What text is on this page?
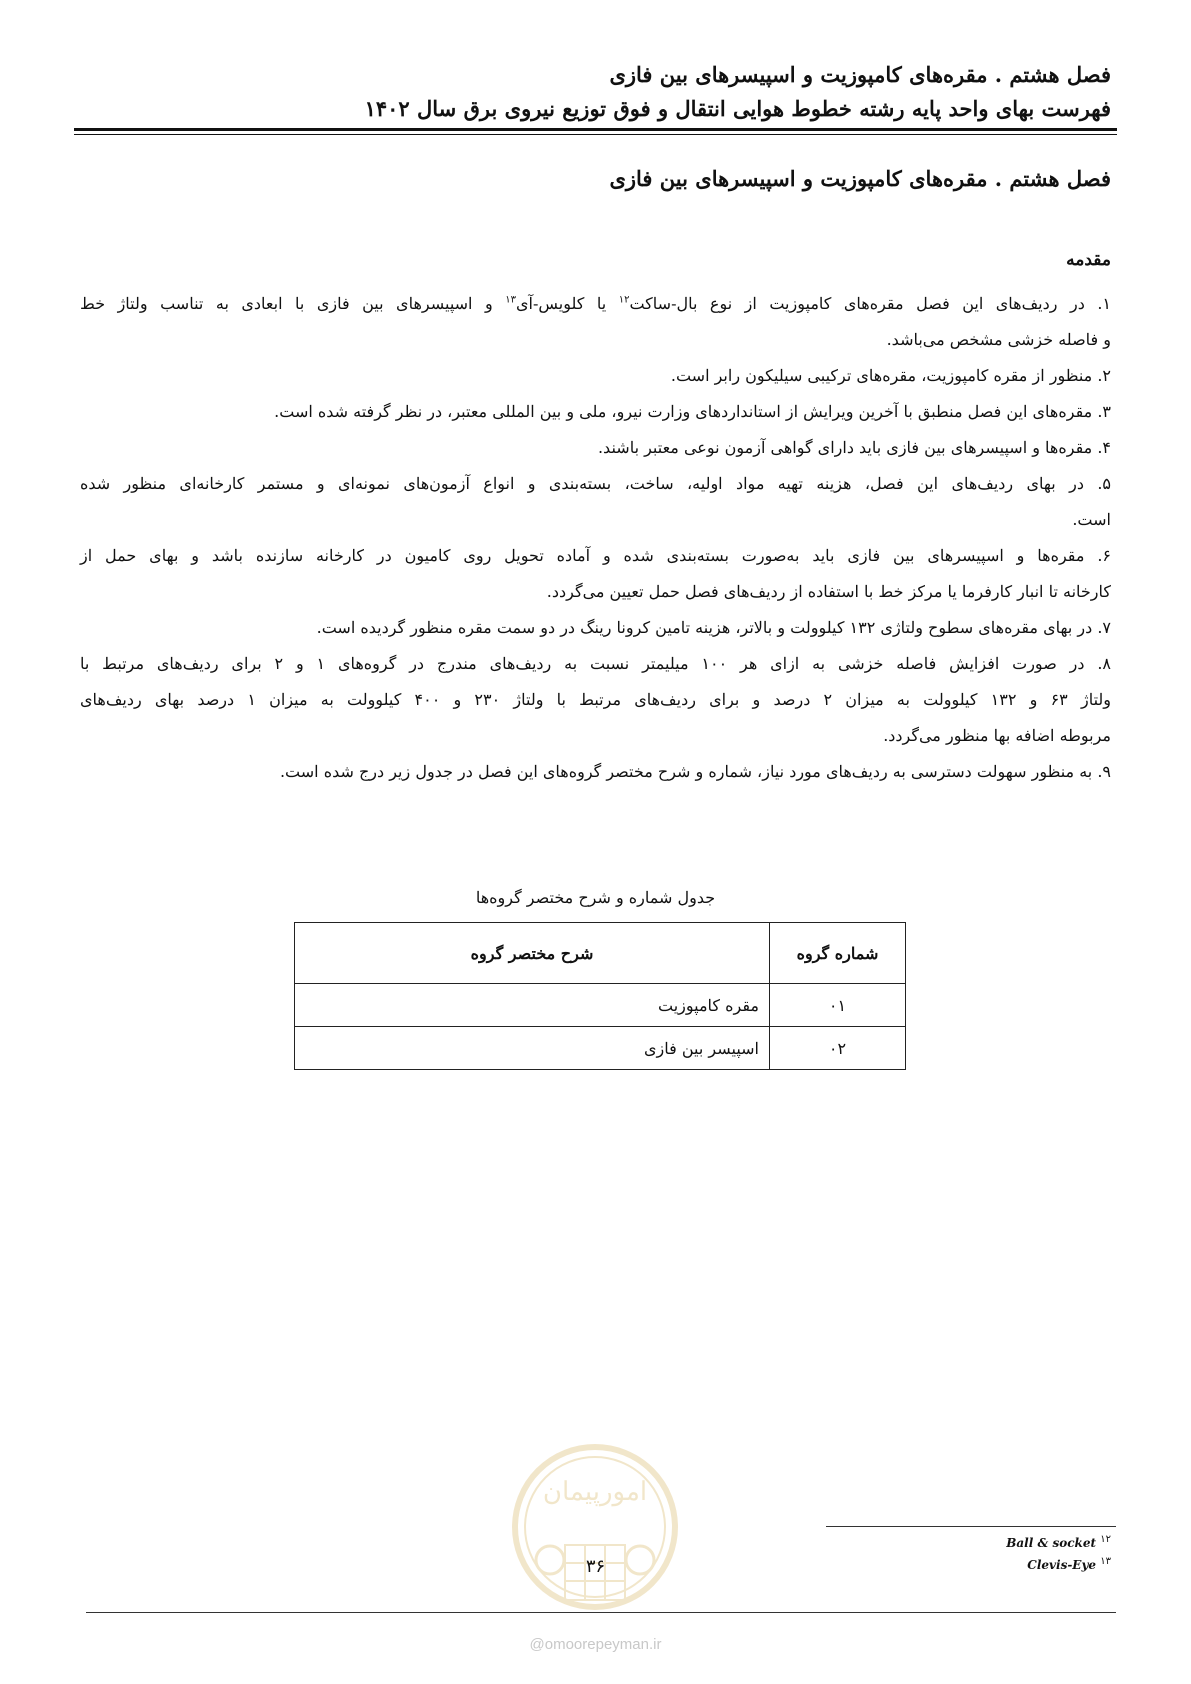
فصل هشتم . مقره‌های کامپوزیت و اسپیسرهای بین فازی
فهرست بهای واحد پایه رشته خطوط هوایی انتقال و فوق توزیع نیروی برق سال ۱۴۰۲
فصل هشتم . مقره‌های کامپوزیت و اسپیسرهای بین فازی
مقدمه
۱. در ردیف‌های این فصل مقره‌های کامپوزیت از نوع بال-ساکت$^{۱۲}$ یا کلویس-آی$^{۱۳}$ و اسپیسرهای بین فازی با ابعادی به تناسب ولتاژ خط
و فاصله خزشی مشخص می‌باشد.
۲. منظور از مقره کامپوزیت، مقره‌های ترکیبی سیلیکون رابر است.
۳. مقره‌های این فصل منطبق با آخرین ویرایش از استانداردهای وزارت نیرو، ملی و بین المللی معتبر، در نظر گرفته شده است.
۴. مقره‌ها و اسپیسرهای بین فازی باید دارای گواهی آزمون نوعی معتبر باشند.
۵. در بهای ردیف‌های این فصل، هزینه تهیه مواد اولیه، ساخت، بسته‌بندی و انواع آزمون‌های نمونه‌ای و مستمر کارخانه‌ای منظور شده
است.
۶. مقره‌ها و اسپیسرهای بین فازی باید به‌صورت بسته‌بندی شده و آماده تحویل روی کامیون در کارخانه سازنده باشد و بهای حمل از
کارخانه تا انبار کارفرما یا مرکز خط با استفاده از ردیف‌های فصل حمل تعیین می‌گردد.
۷. در بهای مقره‌های سطوح ولتاژی ۱۳۲ کیلوولت و بالاتر، هزینه تامین کرونا رینگ در دو سمت مقره منظور گردیده است.
۸. در صورت افزایش فاصله خزشی به ازای هر ۱۰۰ میلیمتر نسبت به ردیف‌های مندرج در گروه‌های ۱ و ۲ برای ردیف‌های مرتبط با
ولتاژ ۶۳ و ۱۳۲ کیلوولت به میزان ۲ درصد و برای ردیف‌های مرتبط با ولتاژ ۲۳۰ و ۴۰۰ کیلوولت به میزان ۱ درصد بهای ردیف‌های
مربوطه اضافه بها منظور می‌گردد.
۹. به منظور سهولت دسترسی به ردیف‌های مورد نیاز، شماره و شرح مختصر گروه‌های این فصل در جدول زیر درج شده است.
جدول شماره و شرح مختصر گروه‌ها
شماره گروه	شرح مختصر گروه
۰۱	مقره کامپوزیت
۰۲	اسپیسر بین فازی
امورپیمان
Ball & socket $^{۱۲}$
Clevis-Eye $^{۱۳}$
۳۶
@omoorepeyman.ir
